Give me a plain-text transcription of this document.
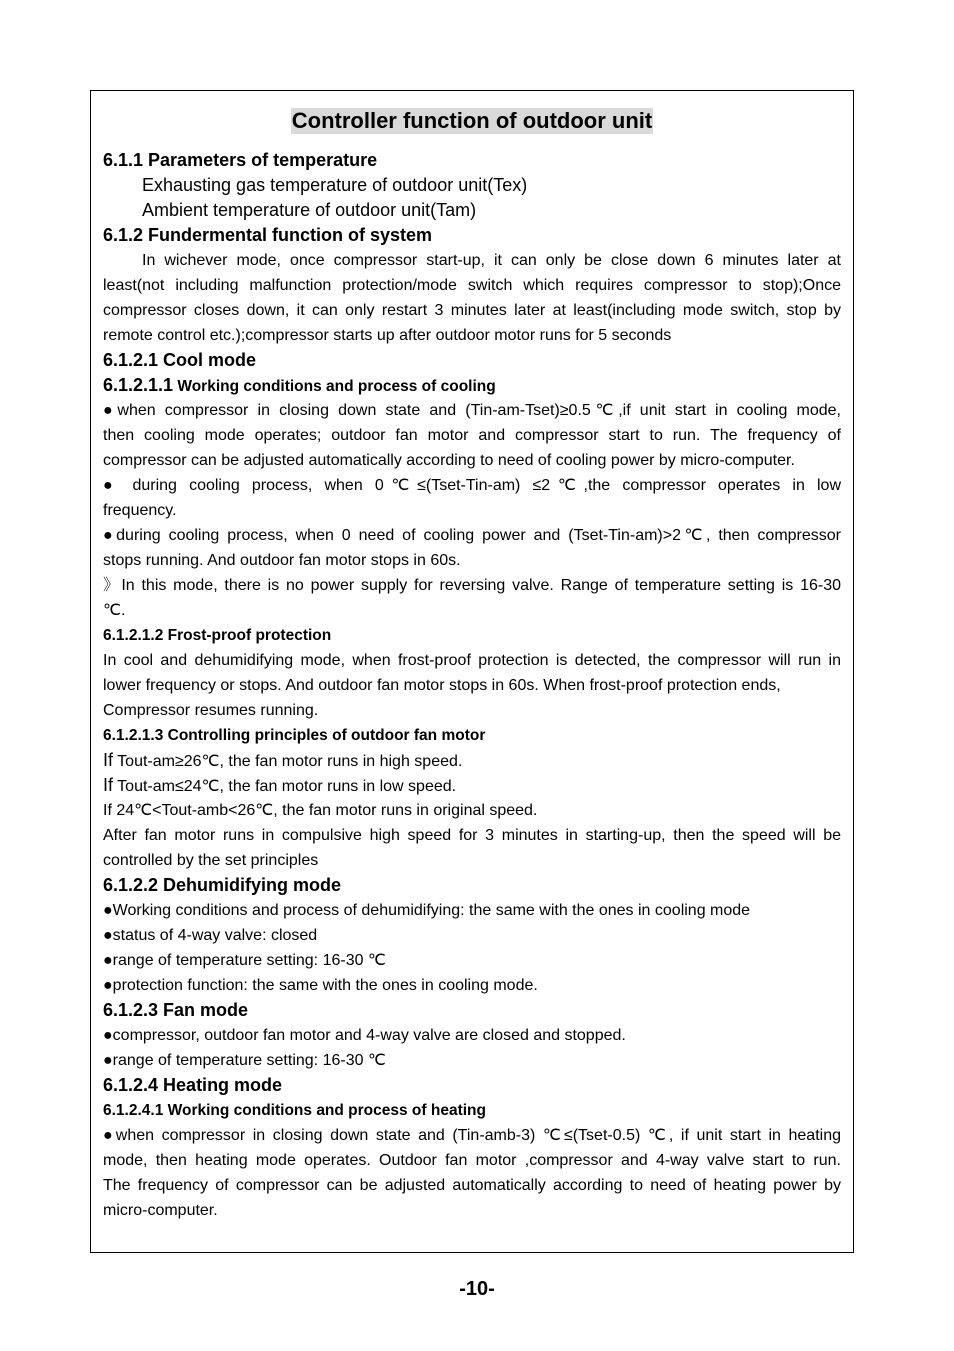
Controller function of outdoor unit
6.1.1 Parameters of temperature
Exhausting gas temperature of outdoor unit(Tex)
Ambient temperature of outdoor unit(Tam)
6.1.2 Fundermental function of system
In wichever mode, once compressor start-up, it can only be close down 6 minutes later at
least(not including malfunction protection/mode switch which requires compressor to stop);Once
compressor closes down, it can only restart 3 minutes later at least(including mode switch, stop by
remote control etc.);compressor starts up after outdoor motor runs for 5 seconds
6.1.2.1 Cool mode
6.1.2.1.1 Working conditions and process of cooling
●when compressor in closing down state and (Tin-am-Tset)≥0.5℃,if unit start in cooling mode,
then cooling mode operates; outdoor fan motor and compressor start to run. The frequency of
compressor can be adjusted automatically according to need of cooling power by micro-computer.
● during cooling process, when 0℃≤(Tset-Tin-am) ≤2℃,the compressor operates in low
frequency.
●during cooling process, when 0 need of cooling power and (Tset-Tin-am)>2℃, then compressor
stops running. And outdoor fan motor stops in 60s.
》In this mode, there is no power supply for reversing valve. Range of temperature setting is 16-30
℃.
6.1.2.1.2 Frost-proof protection
In cool and dehumidifying mode, when frost-proof protection is detected, the compressor will run in
lower frequency or stops. And outdoor fan motor stops in 60s. When frost-proof protection ends,
Compressor resumes running.
6.1.2.1.3 Controlling principles of outdoor fan motor
If Tout-am≥26℃, the fan motor runs in high speed.
If Tout-am≤24℃, the fan motor runs in low speed.
If 24℃<Tout-amb<26℃, the fan motor runs in original speed.
After fan motor runs in compulsive high speed for 3 minutes in starting-up, then the speed will be
controlled by the set principles
6.1.2.2 Dehumidifying mode
●Working conditions and process of dehumidifying: the same with the ones in cooling mode
●status of 4-way valve: closed
●range of temperature setting: 16-30 ℃
●protection function: the same with the ones in cooling mode.
6.1.2.3 Fan mode
●compressor, outdoor fan motor and 4-way valve are closed and stopped.
●range of temperature setting: 16-30 ℃
6.1.2.4 Heating mode
6.1.2.4.1 Working conditions and process of heating
●when compressor in closing down state and (Tin-amb-3) ℃≤(Tset-0.5) ℃, if unit start in heating
mode, then heating mode operates. Outdoor fan motor ,compressor and 4-way valve start to run.
The frequency of compressor can be adjusted automatically according to need of heating power by
micro-computer.
-10-
